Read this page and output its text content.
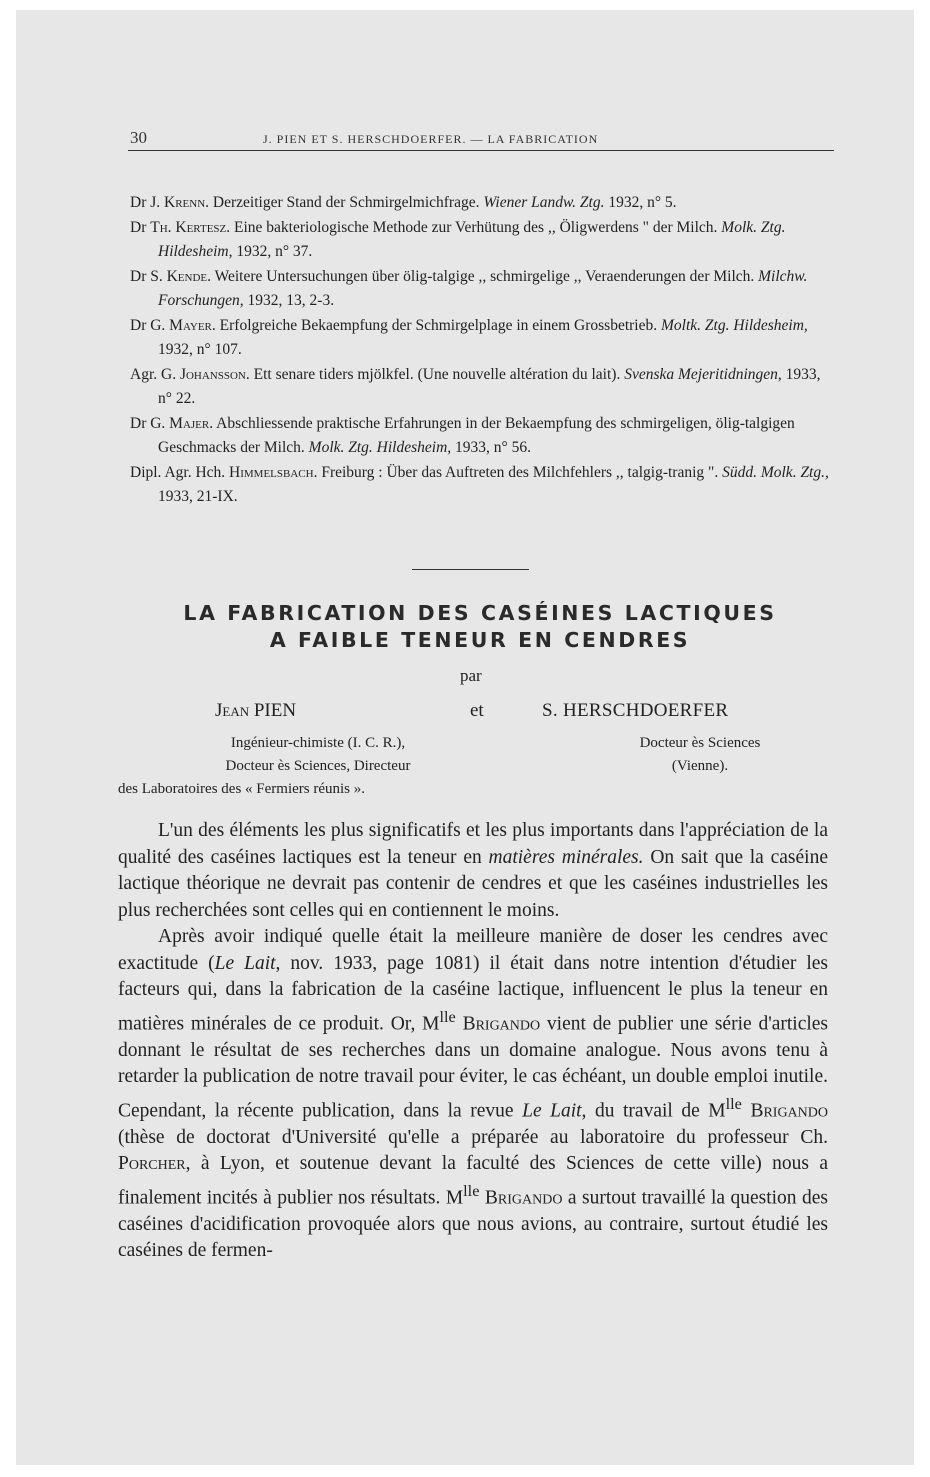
30	J. PIEN ET S. HERSCHDOERFER. — LA FABRICATION
Dr J. Krenn. Derzeitiger Stand der Schmirgelmichfrage. Wiener Landw. Ztg. 1932, n° 5.
Dr Th. Kertesz. Eine bakteriologische Methode zur Verhütung des ,, Öligwerdens " der Milch. Molk. Ztg. Hildesheim, 1932, n° 37.
Dr S. Kende. Weitere Untersuchungen über ölig-talgige ,, schmirgelige ,, Veraenderungen der Milch. Milchw. Forschungen, 1932, 13, 2-3.
Dr G. Mayer. Erfolgreiche Bekaempfung der Schmirgelplage in einem Grossbetrieb. Moltk. Ztg. Hildesheim, 1932, n° 107.
Agr. G. Johansson. Ett senare tiders mjölkfel. (Une nouvelle altération du lait). Svenska Mejeritidningen, 1933, n° 22.
Dr G. Majer. Abschliessende praktische Erfahrungen in der Bekaempfung des schmirgeligen, ölig-talgigen Geschmacks der Milch. Molk. Ztg. Hildesheim, 1933, n° 56.
Dipl. Agr. Hch. Himmelsbach. Freiburg : Über das Auftreten des Milchfehlers ,, talgig-tranig ". Südd. Molk. Ztg., 1933, 21-IX.
LA FABRICATION DES CASÉINES LACTIQUES
A FAIBLE TENEUR EN CENDRES
par
Jean PIEN	et	S. HERSCHDOERFER
Ingénieur-chimiste (I. C. R.),
Docteur ès Sciences, Directeur
des Laboratoires des « Fermiers réunis ».
Docteur ès Sciences
(Vienne).

L'un des éléments les plus significatifs et les plus importants dans l'appréciation de la qualité des caséines lactiques est la teneur en matières minérales. On sait que la caséine lactique théorique ne devrait pas contenir de cendres et que les caséines industrielles les plus recherchées sont celles qui en contiennent le moins.

Après avoir indiqué quelle était la meilleure manière de doser les cendres avec exactitude (Le Lait, nov. 1933, page 1081) il était dans notre intention d'étudier les facteurs qui, dans la fabrication de la caséine lactique, influencent le plus la teneur en matières minérales de ce produit. Or, $M^{lle}$ Brigando vient de publier une série d'articles donnant le résultat de ses recherches dans un domaine analogue. Nous avons tenu à retarder la publication de notre travail pour éviter, le cas échéant, un double emploi inutile. Cependant, la récente publication, dans la revue Le Lait, du travail de $M^{lle}$ Brigando (thèse de doctorat d'Université qu'elle a préparée au laboratoire du professeur Ch. Porcher, à Lyon, et soutenue devant la faculté des Sciences de cette ville) nous a finalement incités à publier nos résultats. $M^{lle}$ Brigando a surtout travaillé la question des caséines d'acidification provoquée alors que nous avions, au contraire, surtout étudié les caséines de fermen-
